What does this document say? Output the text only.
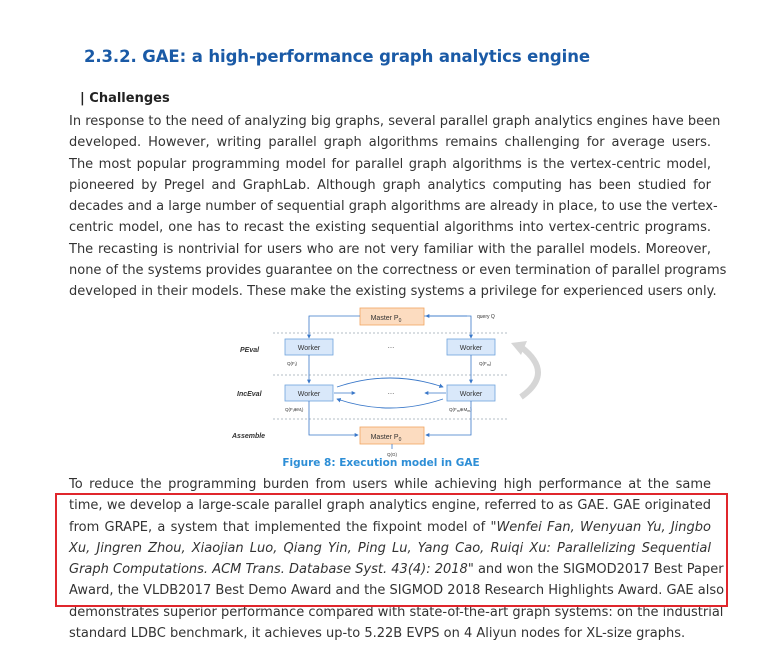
2.3.2. GAE: a high-performance graph analytics engine
| Challenges
In response to the need of analyzing big graphs, several parallel graph analytics engines have been
developed. However, writing parallel graph algorithms remains challenging for average users.
The most popular programming model for parallel graph algorithms is the vertex-centric model,
pioneered by Pregel and GraphLab. Although graph analytics computing has been studied for
decades and a large number of sequential graph algorithms are already in place, to use the vertex-
centric model, one has to recast the existing sequential algorithms into vertex-centric programs.
The recasting is nontrivial for users who are not very familiar with the parallel models. Moreover,
none of the systems provides guarantee on the correctness or even termination of parallel programs
developed in their models. These make the existing systems a privilege for experienced users only.
PEval
IncEval
Assemble
Master $P_0$
query Q
Worker	Worker
...
$Q(F_i)$	$Q(F_m)$
Worker	Worker
...
$Q(F_i\oplus M_i)$	$Q(F_m\oplus M_m)$
Master $P_0$
Q(G)
Figure 8: Execution model in GAE
To reduce the programming burden from users while achieving high performance at the same
time, we develop a large-scale parallel graph analytics engine, referred to as GAE. GAE originated
from GRAPE, a system that implemented the fixpoint model of "Wenfei Fan, Wenyuan Yu, Jingbo
Xu, Jingren Zhou, Xiaojian Luo, Qiang Yin, Ping Lu, Yang Cao, Ruiqi Xu: Parallelizing Sequential
Graph Computations. ACM Trans. Database Syst. 43(4): 2018" and won the SIGMOD2017 Best Paper
Award, the VLDB2017 Best Demo Award and the SIGMOD 2018 Research Highlights Award. GAE also
demonstrates superior performance compared with state-of-the-art graph systems: on the industrial
standard LDBC benchmark, it achieves up-to 5.22B EVPS on 4 Aliyun nodes for XL-size graphs.
